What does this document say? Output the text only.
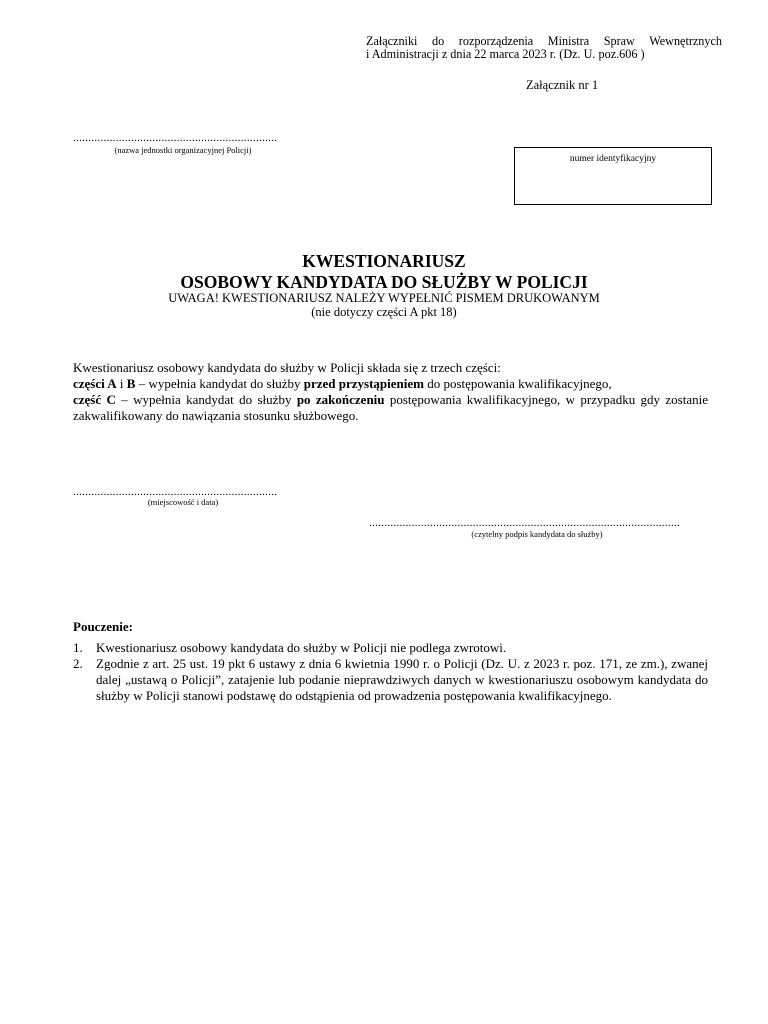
Załączniki do rozporządzenia Ministra Spraw Wewnętrznych
i Administracji z dnia 22 marca 2023 r. (Dz. U. poz.606 )
Załącznik nr 1
...................................................................
(nazwa jednostki organizacyjnej Policji)
numer identyfikacyjny
KWESTIONARIUSZ
OSOBOWY KANDYDATA DO SŁUŻBY W POLICJI
UWAGA! KWESTIONARIUSZ NALEŻY WYPEŁNIĆ PISMEM DRUKOWANYM
(nie dotyczy części A pkt 18)
Kwestionariusz osobowy kandydata do służby w Policji składa się z trzech części:
części A i B – wypełnia kandydat do służby przed przystąpieniem do postępowania kwalifikacyjnego,
część C – wypełnia kandydat do służby po zakończeniu postępowania kwalifikacyjnego, w przypadku gdy zostanie zakwalifikowany do nawiązania stosunku służbowego.
...................................................................
(miejscowość i data)
......................................................................................................
(czytelny podpis kandydata do służby)
Pouczenie:
1.	Kwestionariusz osobowy kandydata do służby w Policji nie podlega zwrotowi.
2.	Zgodnie z art. 25 ust. 19 pkt 6 ustawy z dnia 6 kwietnia 1990 r. o Policji (Dz. U. z 2023 r. poz. 171, ze zm.), zwanej dalej „ustawą o Policji”, zatajenie lub podanie nieprawdziwych danych w kwestionariuszu osobowym kandydata do służby w Policji stanowi podstawę do odstąpienia od prowadzenia postępowania kwalifikacyjnego.
